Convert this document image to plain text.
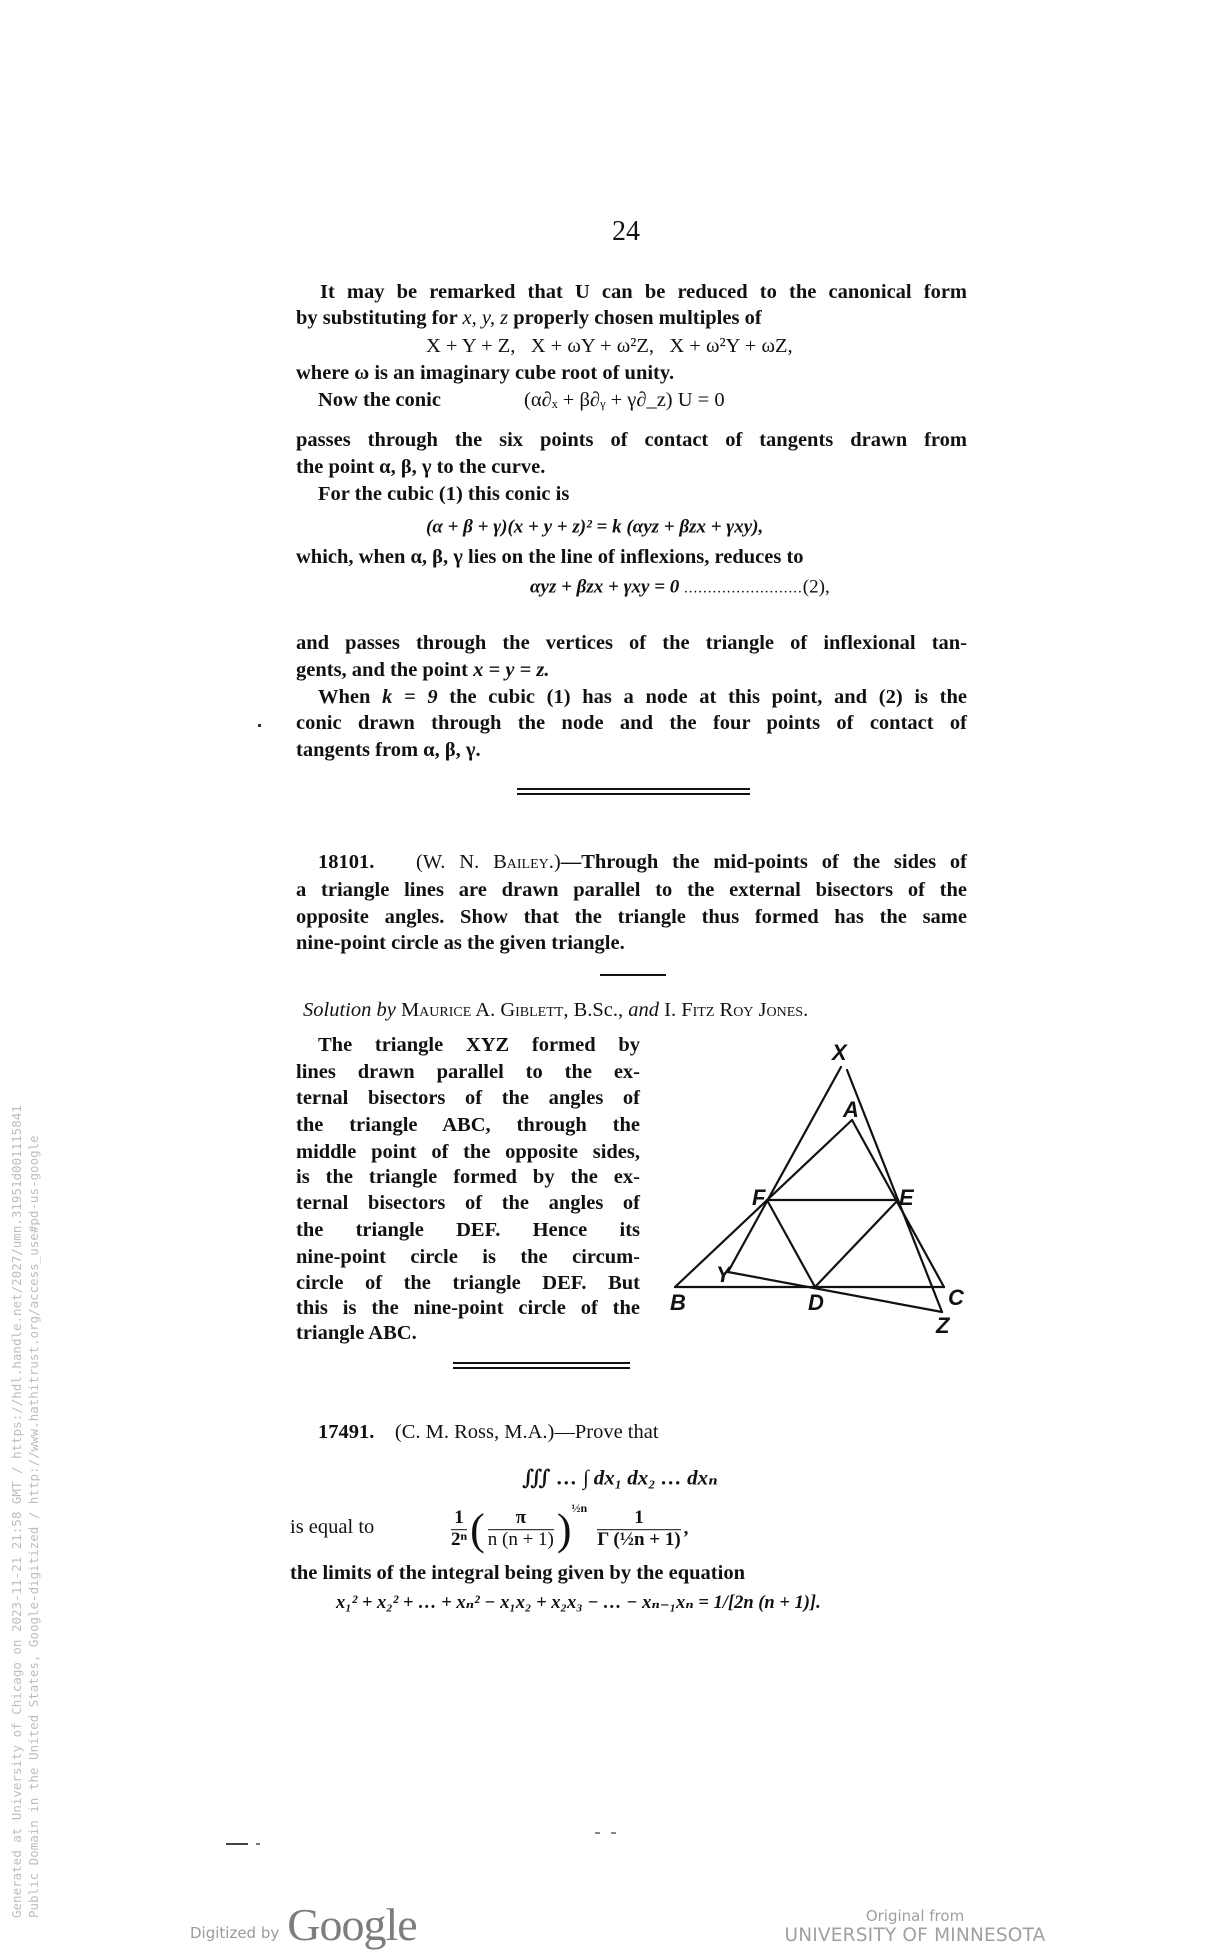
24
It may be remarked that U can be reduced to the canonical form
by substituting for x, y, z properly chosen multiples of
X + Y + Z,   X + ωY + ω²Z,   X + ω²Y + ωZ,
where ω is an imaginary cube root of unity.
Now the conic	(α∂ₓ + β∂ᵧ + γ∂_z) U = 0
passes through the six points of contact of tangents drawn from
the point α, β, γ to the curve.
For the cubic (1) this conic is
(α + β + γ)(x + y + z)² = k (αyz + βzx + γxy),
which, when α, β, γ lies on the line of inflexions, reduces to
αyz + βzx + γxy = 0 .........................(2),
and passes through the vertices of the triangle of inflexional tan-
gents, and the point x = y = z.
When k = 9 the cubic (1) has a node at this point, and (2) is the
conic drawn through the node and the four points of contact of
tangents from α, β, γ.
18101. (W. N. Bailey.)—Through the mid-points of the sides of
a triangle lines are drawn parallel to the external bisectors of the
opposite angles. Show that the triangle thus formed has the same
nine-point circle as the given triangle.
Solution by Maurice A. Giblett, B.Sc., and I. Fitz Roy Jones.
The triangle XYZ formed by
lines drawn parallel to the ex-
ternal bisectors of the angles of
the triangle ABC, through the
middle point of the opposite sides,
is the triangle formed by the ex-
ternal bisectors of the angles of
the triangle DEF. Hence its
nine-point circle is the circum-
circle of the triangle DEF. But
this is the nine-point circle of the
triangle ABC.
X
A
F	E
Y
B	D	C
Z
17491. (C. M. Ross, M.A.)—Prove that
∭ … ∫ dx₁ dx₂ … dxₙ
is equal to	$\frac{1}{\text{2ⁿ}}$ ( $\frac{\pi}{n (n + 1)} )^{\frac{1}{2}n}$
$\frac{1}{\text{Γ (½n + 1)}}$ ,
the limits of the integral being given by the equation
x₁² + x₂² + … + xₙ² − x₁x₂ + x₂x₃ − … − xₙ₋₁xₙ = 1/[2n (n + 1)].
Generated at University of Chicago on 2023-11-21 21:58 GMT / https://hdl.handle.net/2027/umn.31951d001115841 Public Domain in the United States, Google-digitized / http://www.hathitrust.org/access_use#pd-us-google
Digitized by Google	Original from
UNIVERSITY OF MINNESOTA
